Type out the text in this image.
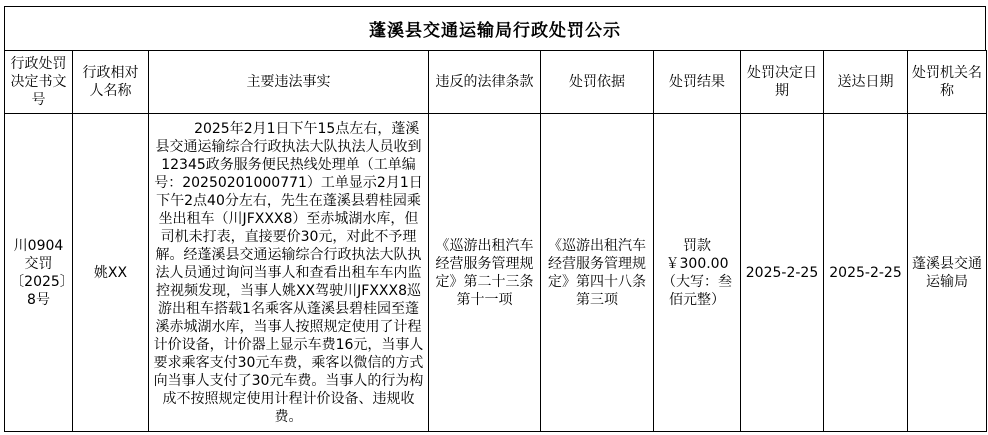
蓬溪县交通运输局行政处罚公示
行政处罚决定书文号	行政相对人名称	主要违法事实	违反的法律条款	处罚依据	处罚结果	处罚决定日期	送达日期	处罚机关名称
川0904交罚〔2025〕8号	姚XX	2025年2月1日下午15点左右，蓬溪县交通运输综合行政执法大队执法人员收到12345政务服务便民热线处理单（工单编号：20250201000771）工单显示2月1日下午2点40分左右，先生在蓬溪县碧桂园乘坐出租车（川JFXXX8）至赤城湖水库，但司机未打表，直接要价30元，对此不予理解。经蓬溪县交通运输综合行政执法大队执法人员通过询问当事人和查看出租车车内监控视频发现，当事人姚XX驾驶川JFXXX8巡游出租车搭载1名乘客从蓬溪县碧桂园至蓬溪赤城湖水库，当事人按照规定使用了计程计价设备，计价器上显示车费16元，当事人要求乘客支付30元车费，乘客以微信的方式向当事人支付了30元车费。当事人的行为构成不按照规定使用计程计价设备、违规收费。	《巡游出租汽车经营服务管理规定》第二十三条第十一项	《巡游出租汽车经营服务管理规定》第四十八条第三项	罚款￥300.00（大写：叁佰元整）	2025-2-25	2025-2-25	蓬溪县交通运输局
